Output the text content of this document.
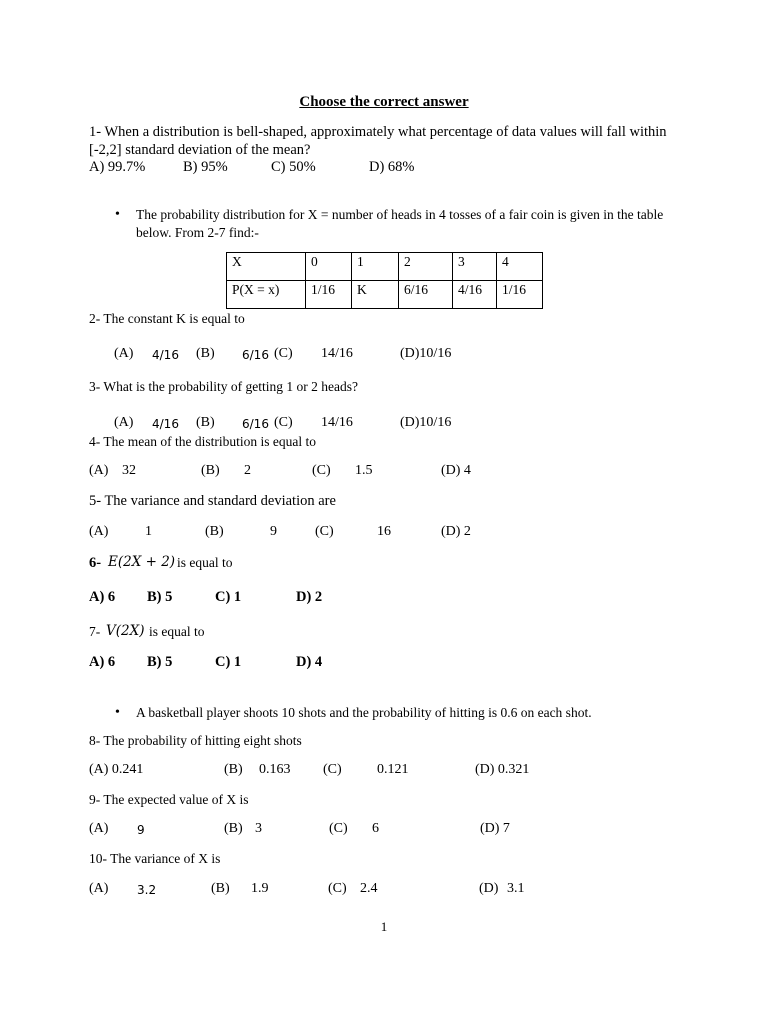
Choose the correct answer
1- When a distribution is bell-shaped, approximately what percentage of data values will fall within [-2,2] standard deviation of the mean?
A) 99.7%	B) 95%	C) 50%	D) 68%
• The probability distribution for X = number of heads in 4 tosses of a fair coin is given in the table below. From 2-7 find:-
X	0	1	2	3	4
P(X = x)	1/16	K	6/16	4/16	1/16
2- The constant K is equal to
(A) 4/16 (B) 6/16 (C) 14/16	(D)10/16
3- What is the probability of getting 1 or 2 heads?
(A) 4/16 (B) 6/16 (C) 14/16	(D)10/16
4- The mean of the distribution is equal to
(A) 32	(B) 2	(C) 1.5	(D) 4
5- The variance and standard deviation are
(A)	1	(B)	9	(C)	16	(D) 2
6- E(2X + 2) is equal to
A) 6 B) 5	C) 1	D) 2
7- V(2X) is equal to
A) 6 B) 5	C) 1	D) 4
• A basketball player shoots 10 shots and the probability of hitting is 0.6 on each shot.
8- The probability of hitting eight shots
(A) 0.241	(B) 0.163 (C)	0.121	(D) 0.321
9- The expected value of X is
(A) 9	(B) 3	(C) 6	(D) 7
10- The variance of X is
(A) 3.2	(B) 1.9	(C) 2.4	(D) 3.1
1
